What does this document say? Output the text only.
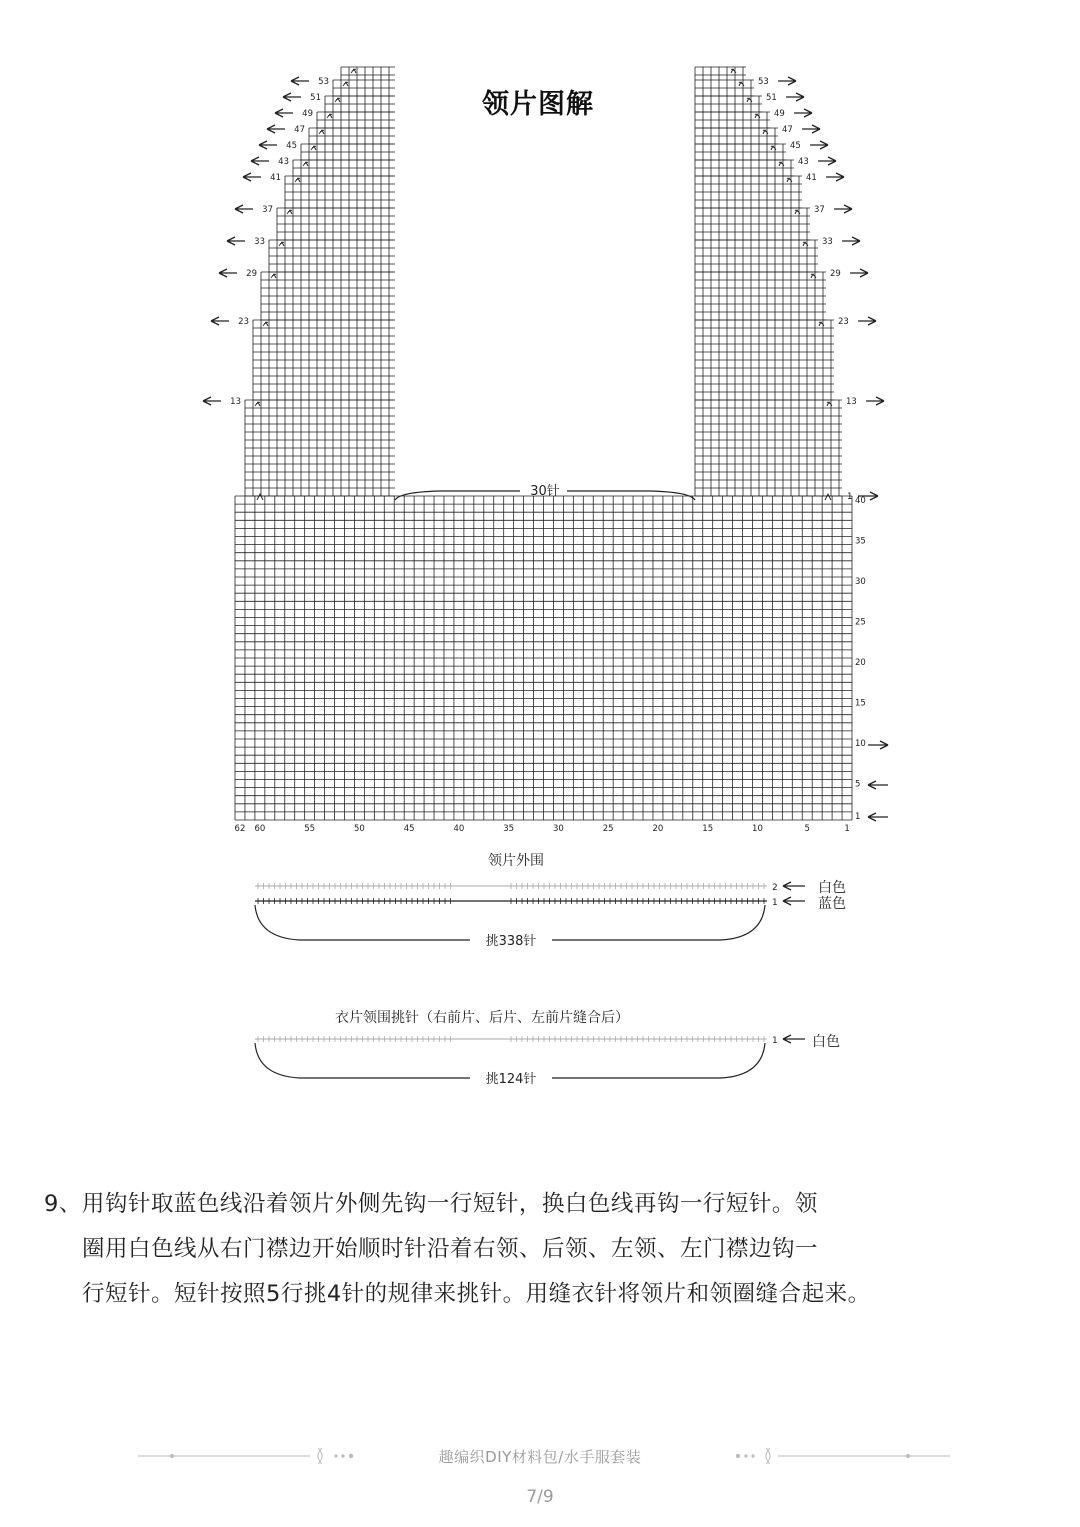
领片图解
13	13
23	23
29	29
33	33
37	37
41	41
43	43
45	45
47	47
49	49
51	51
53	53
1 40
35
30
25
20
15
10
5
1
62 60	55	50	45	40	35	30	25	20	15	10	5	1
30针
2
1
挑338针
1
挑124针
领片外围
白色
蓝色
衣片领围挑针（右前片、后片、左前片缝合后）
白色
9、用钩针取蓝色线沿着领片外侧先钩一行短针，换白色线再钩一行短针。领
圈用白色线从右门襟边开始顺时针沿着右领、后领、左领、左门襟边钩一
行短针。短针按照5行挑4针的规律来挑针。用缝衣针将领片和领圈缝合起来。
趣编织DIY材料包/水手服套装
7/9
